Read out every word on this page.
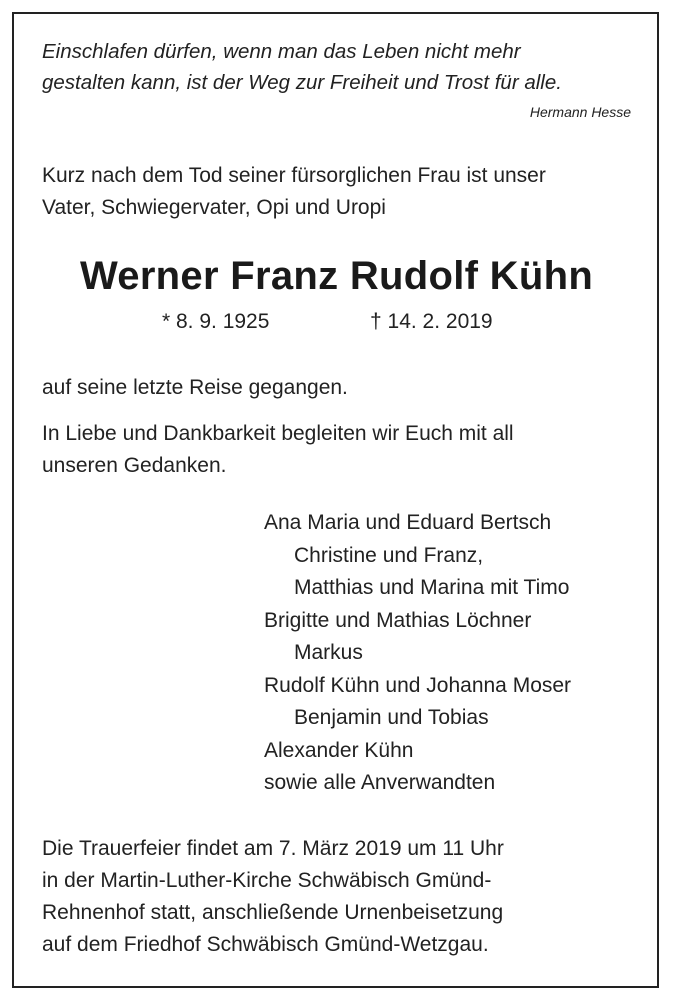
Einschlafen dürfen, wenn man das Leben nicht mehr
gestalten kann, ist der Weg zur Freiheit und Trost für alle.
Hermann Hesse
Kurz nach dem Tod seiner fürsorglichen Frau ist unser
Vater, Schwiegervater, Opi und Uropi
Werner Franz Rudolf Kühn
* 8. 9. 1925	† 14. 2. 2019
auf seine letzte Reise gegangen.
In Liebe und Dankbarkeit begleiten wir Euch mit all
unseren Gedanken.
Ana Maria und Eduard Bertsch
Christine und Franz,
Matthias und Marina mit Timo
Brigitte und Mathias Löchner
Markus
Rudolf Kühn und Johanna Moser
Benjamin und Tobias
Alexander Kühn
sowie alle Anverwandten
Die Trauerfeier findet am 7. März 2019 um 11 Uhr
in der Martin-Luther-Kirche Schwäbisch Gmünd-
Rehnenhof statt, anschließende Urnenbeisetzung
auf dem Friedhof Schwäbisch Gmünd-Wetzgau.
